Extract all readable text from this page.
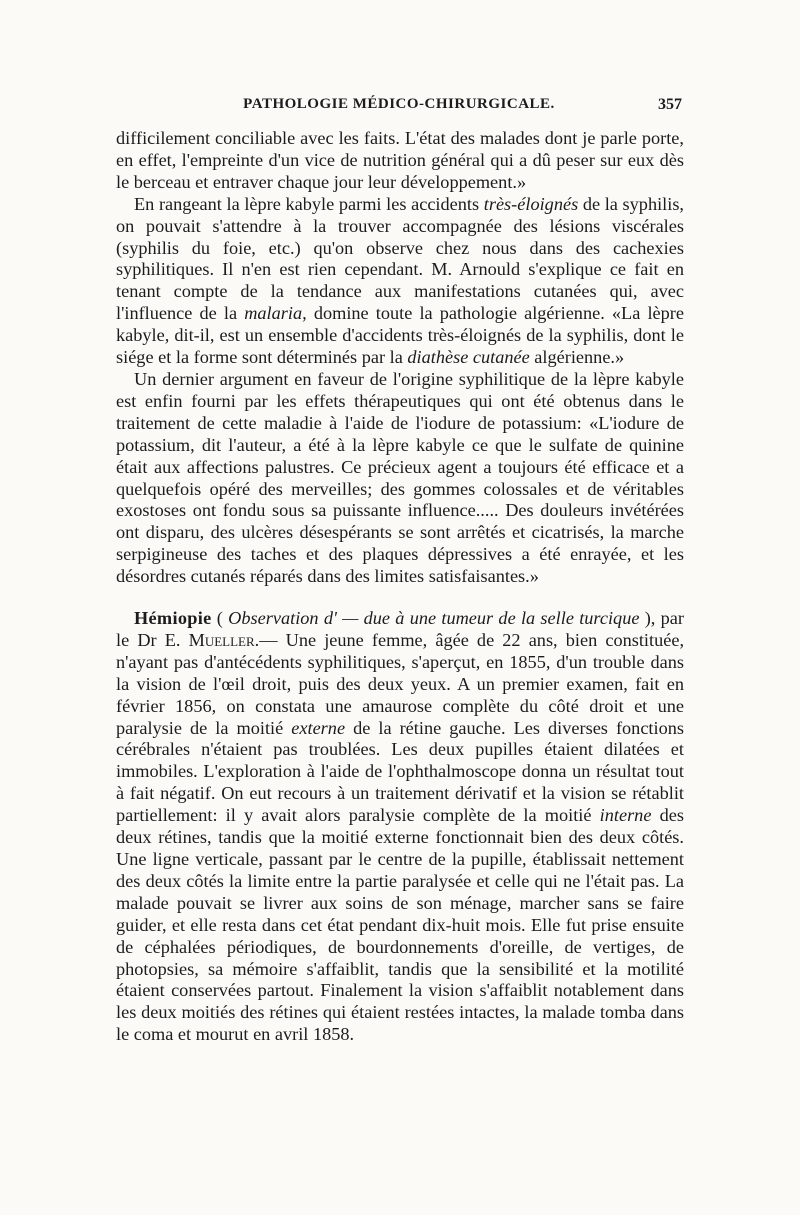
PATHOLOGIE MÉDICO-CHIRURGICALE.	357

difficilement conciliable avec les faits. L'état des malades dont je parle porte, en effet, l'empreinte d'un vice de nutrition général qui a dû peser sur eux dès le berceau et entraver chaque jour leur développement.»

En rangeant la lèpre kabyle parmi les accidents très-éloignés de la syphilis, on pouvait s'attendre à la trouver accompagnée des lésions viscérales (syphilis du foie, etc.) qu'on observe chez nous dans des cachexies syphilitiques. Il n'en est rien cependant. M. Arnould s'explique ce fait en tenant compte de la tendance aux manifestations cutanées qui, avec l'influence de la malaria, domine toute la pathologie algérienne. «La lèpre kabyle, dit-il, est un ensemble d'accidents très-éloignés de la syphilis, dont le siége et la forme sont déterminés par la diathèse cutanée algérienne.»

Un dernier argument en faveur de l'origine syphilitique de la lèpre kabyle est enfin fourni par les effets thérapeutiques qui ont été obtenus dans le traitement de cette maladie à l'aide de l'iodure de potassium: «L'iodure de potassium, dit l'auteur, a été à la lèpre kabyle ce que le sulfate de quinine était aux affections palustres. Ce précieux agent a toujours été efficace et a quelquefois opéré des merveilles; des gommes colossales et de véritables exostoses ont fondu sous sa puissante influence..... Des douleurs invétérées ont disparu, des ulcères désespérants se sont arrêtés et cicatrisés, la marche serpigineuse des taches et des plaques dépressives a été enrayée, et les désordres cutanés réparés dans des limites satisfaisantes.»

Hémiopie ( Observation d' — due à une tumeur de la selle turcique ), par le Dr E. Mueller.— Une jeune femme, âgée de 22 ans, bien constituée, n'ayant pas d'antécédents syphilitiques, s'aperçut, en 1855, d'un trouble dans la vision de l'œil droit, puis des deux yeux. A un premier examen, fait en février 1856, on constata une amaurose complète du côté droit et une paralysie de la moitié externe de la rétine gauche. Les diverses fonctions cérébrales n'étaient pas troublées. Les deux pupilles étaient dilatées et immobiles. L'exploration à l'aide de l'ophthalmoscope donna un résultat tout à fait négatif. On eut recours à un traitement dérivatif et la vision se rétablit partiellement: il y avait alors paralysie complète de la moitié interne des deux rétines, tandis que la moitié externe fonctionnait bien des deux côtés. Une ligne verticale, passant par le centre de la pupille, établissait nettement des deux côtés la limite entre la partie paralysée et celle qui ne l'était pas. La malade pouvait se livrer aux soins de son ménage, marcher sans se faire guider, et elle resta dans cet état pendant dix-huit mois. Elle fut prise ensuite de céphalées périodiques, de bourdonnements d'oreille, de vertiges, de photopsies, sa mémoire s'affaiblit, tandis que la sensibilité et la motilité étaient conservées partout. Finalement la vision s'affaiblit notablement dans les deux moitiés des rétines qui étaient restées intactes, la malade tomba dans le coma et mourut en avril 1858.
